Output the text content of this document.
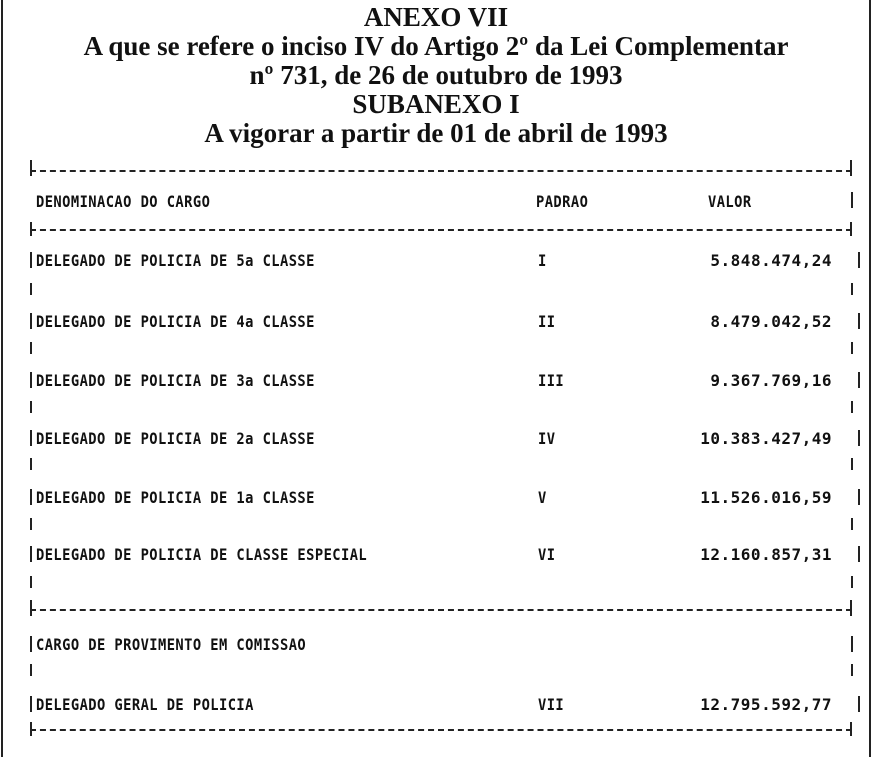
ANEXO VII
A que se refere o inciso IV do Artigo 2º da Lei Complementar
nº 731, de 26 de outubro de 1993
SUBANEXO I
A vigorar a partir de 01 de abril de 1993
DENOMINACAO DO CARGO	PADRAO	VALOR
DELEGADO DE POLICIA DE 5a CLASSE	I	5.848.474,24
DELEGADO DE POLICIA DE 4a CLASSE	II	8.479.042,52
DELEGADO DE POLICIA DE 3a CLASSE	III	9.367.769,16
DELEGADO DE POLICIA DE 2a CLASSE	IV	10.383.427,49
DELEGADO DE POLICIA DE 1a CLASSE	V	11.526.016,59
DELEGADO DE POLICIA DE CLASSE ESPECIAL	VI	12.160.857,31
CARGO DE PROVIMENTO EM COMISSAO
DELEGADO GERAL DE POLICIA	VII	12.795.592,77
